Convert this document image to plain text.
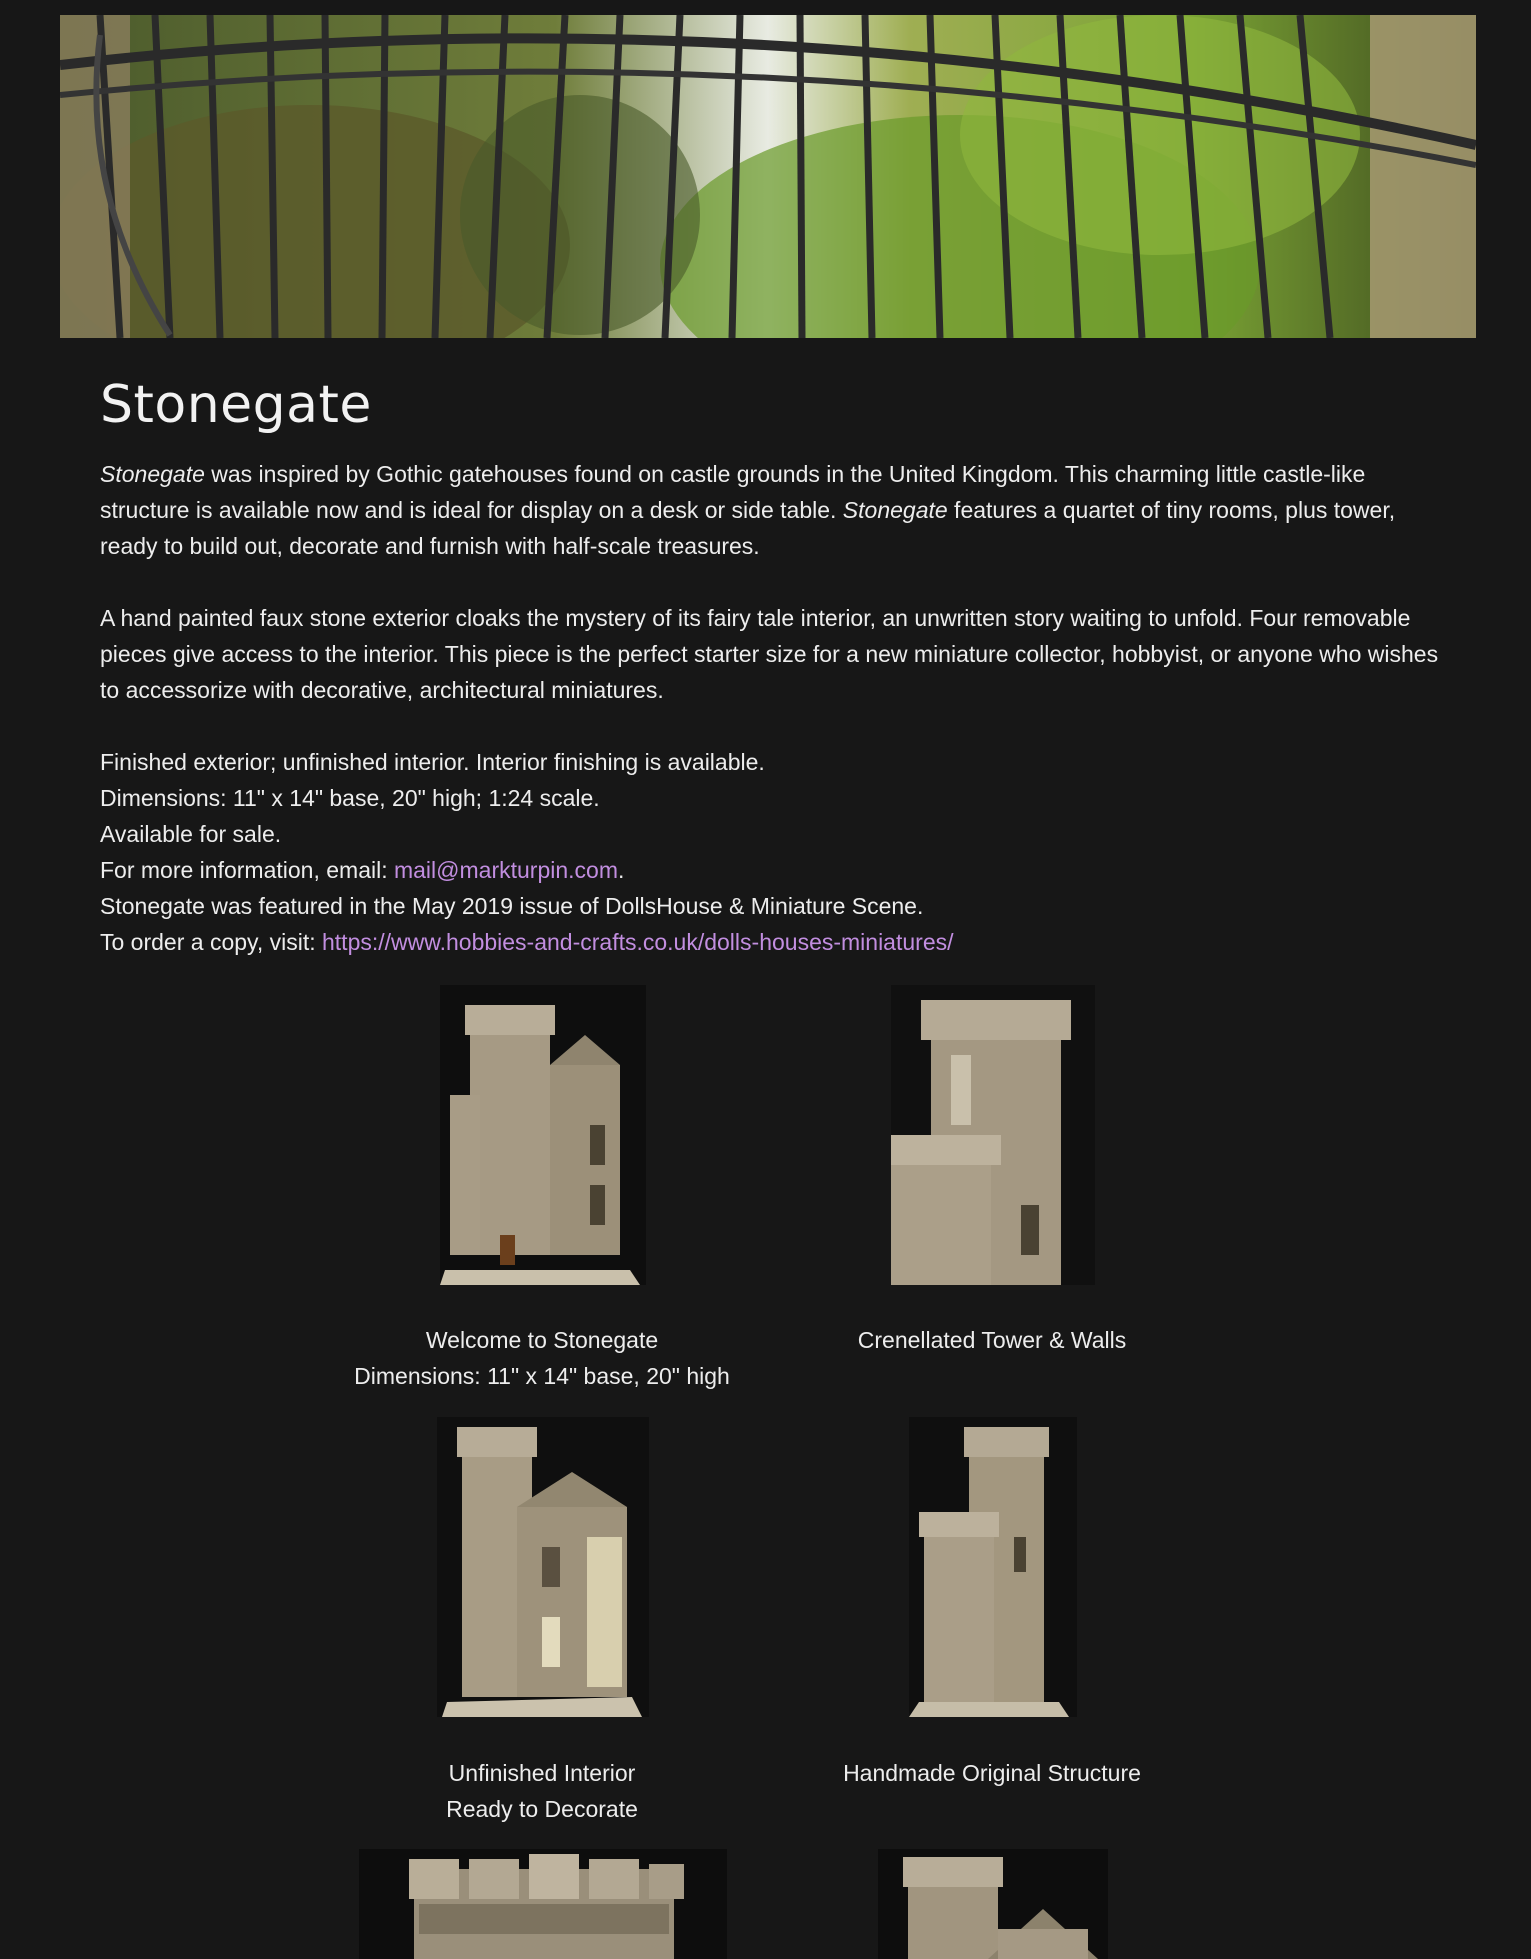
Stonegate

Stonegate was inspired by Gothic gatehouses found on castle grounds in the United Kingdom. This charming little castle-like structure is available now and is ideal for display on a desk or side table. Stonegate features a quartet of tiny rooms, plus tower, ready to build out, decorate and furnish with half-scale treasures.

A hand painted faux stone exterior cloaks the mystery of its fairy tale interior, an unwritten story waiting to unfold. Four removable pieces give access to the interior. This piece is the perfect starter size for a new miniature collector, hobbyist, or anyone who wishes to accessorize with decorative, architectural miniatures.

Finished exterior; unfinished interior. Interior finishing is available.
Dimensions: 11" x 14" base, 20" high; 1:24 scale.
Available for sale.
For more information, email: mail@markturpin.com.
Stonegate was featured in the May 2019 issue of DollsHouse & Miniature Scene.
To order a copy, visit: https://www.hobbies-and-crafts.co.uk/dolls-houses-miniatures/
Welcome to Stonegate
Dimensions: 11" x 14" base, 20" high
Crenellated Tower & Walls
Unfinished Interior
Ready to Decorate
Handmade Original Structure
